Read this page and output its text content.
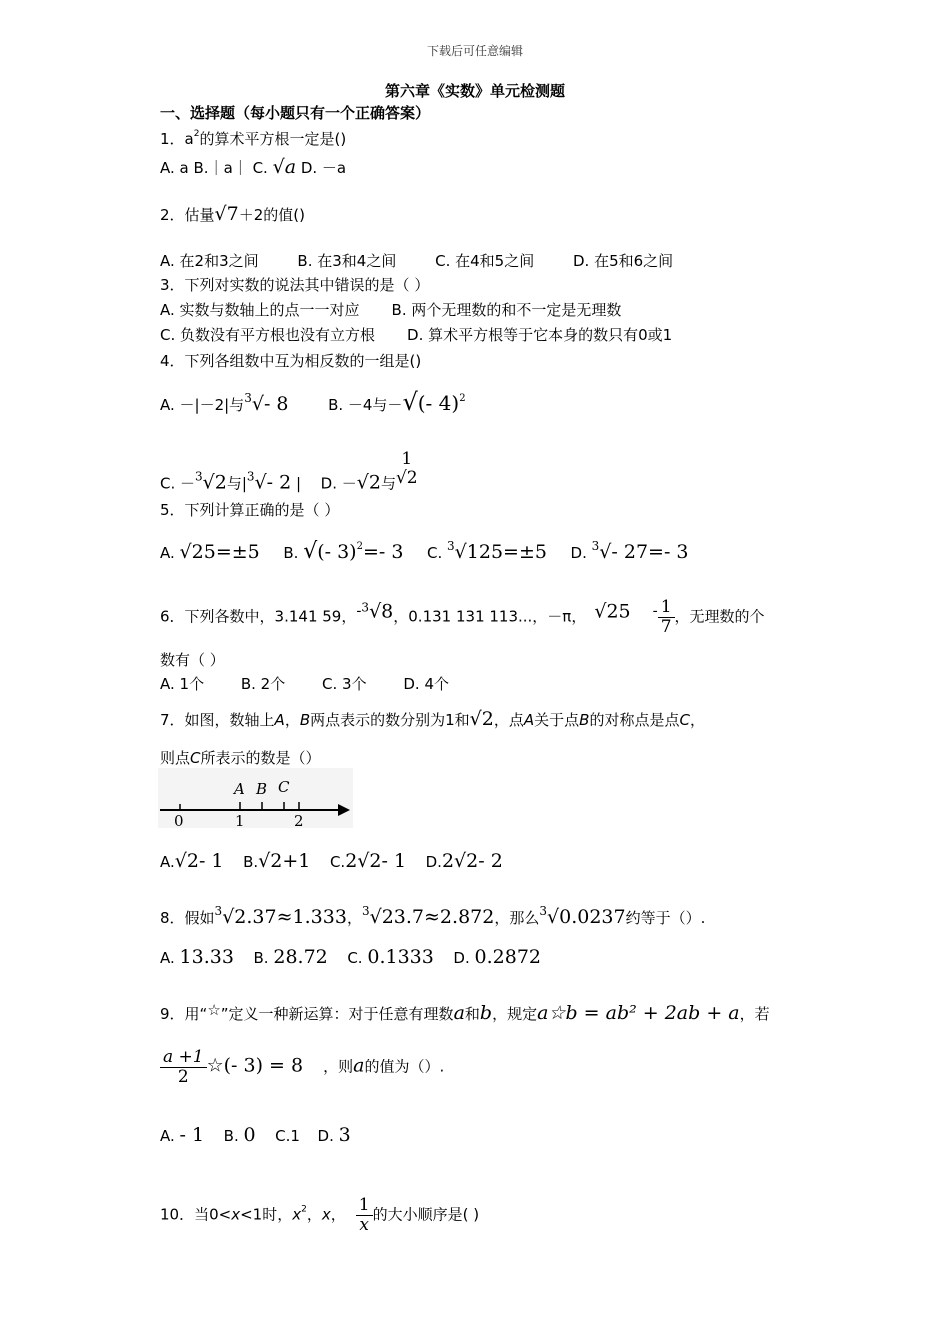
下载后可任意编辑
第六章《实数》单元检测题
一、选择题（每小题只有一个正确答案）
1．$a^2$的算术平方根一定是()
A. a B.｜a｜ C. √a D. －a
2．估量√7＋2的值()
A. 在2和3之间	B. 在3和4之间	C. 在4和5之间	D. 在5和6之间
3．下列对实数的说法其中错误的是（ ）
A. 实数与数轴上的点一一对应 B. 两个无理数的和不一定是无理数
C. 负数没有平方根也没有立方根 D. 算术平方根等于它本身的数只有0或1
4．下列各组数中互为相反数的一组是()
A. －|－2|与$^3$√- 8	B. －4与－√(- 4)$^2$
C. －$^3$√2与$|^3√-$ 2 | D. －√2与
1
√2
5．下列计算正确的是（ ）
A. √25=±5 B. √(- 3)$^2$=- 3 C. $^3$√125=±5 D. $^3$√- 27=- 3
6．下列各数中，3.141 59，-$^3$√8，0.131 131 113...，－π， $√25 - \frac{1}{7}$ ，无理数的个
数有（ ）
A. 1个 B. 2个 C. 3个 D. 4个
7．如图，数轴上A，B两点表示的数分别为1和√2，点A关于点B的对称点是点C，
则点C所表示的数是（）
A B C
0	1	2
A.√2- 1 B.√2+1 C.2√2- 1 D.2√2- 2
8．假如$^3$√2.37≈1.333，$^3$√23.7≈2.872，那么$^3$√0.0237约等于（）.
A. 13.33 B. 28.72 C. 0.1333 D. 0.2872
9．用“☆”定义一种新运算：对于任意有理数a和b，规定a☆b = ab² + 2ab + a，若
$\frac{a +1}{2}$ ☆(- 3) = 8 ，则a的值为（）.
A. - 1 B. 0 C.1 D. 3
10．当0<x<1时，$x^2$，x， $\frac{1}{x}$ 的大小顺序是( )
